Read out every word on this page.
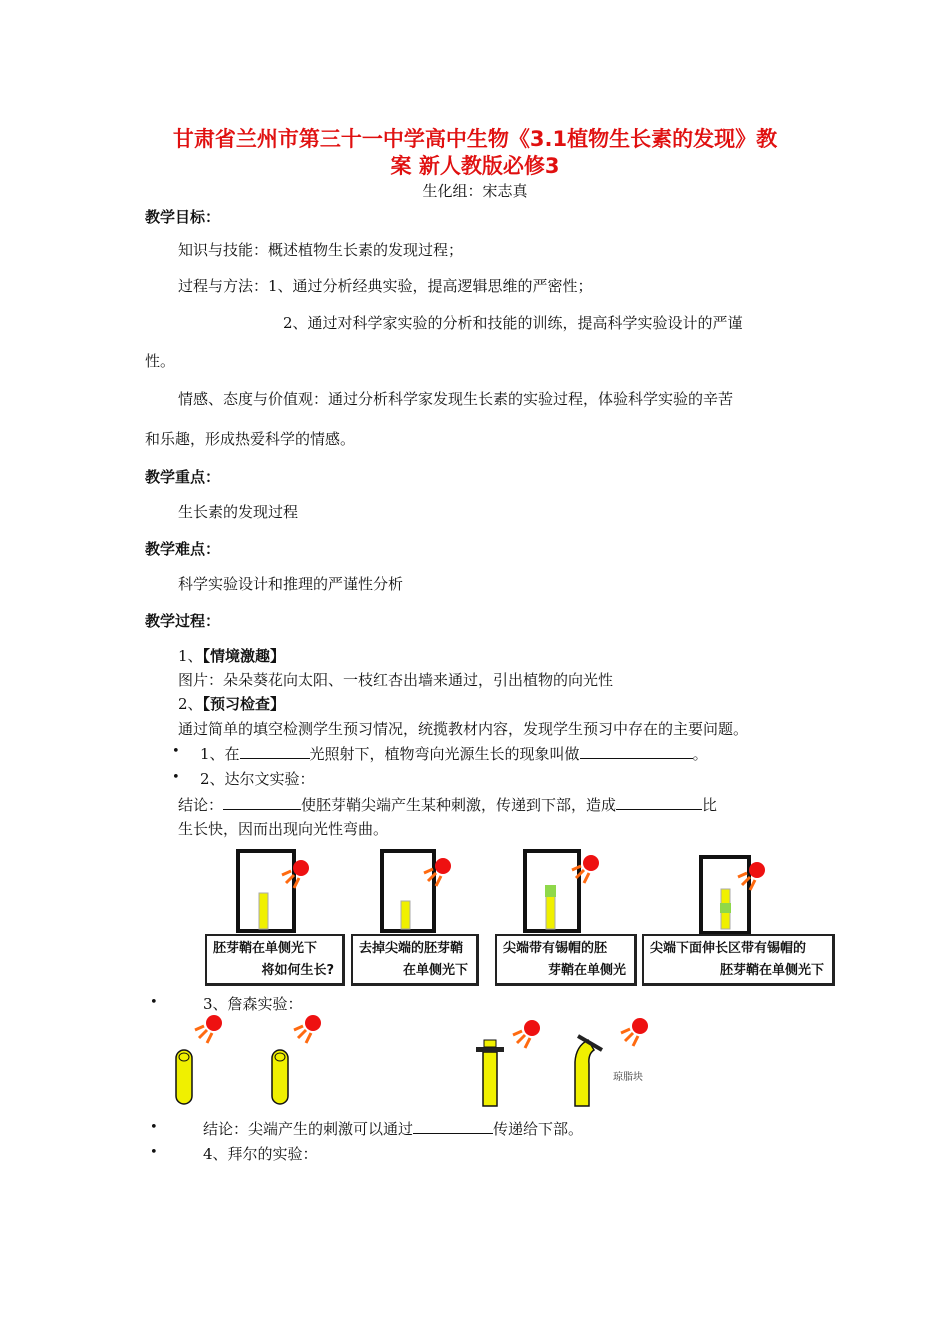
甘肃省兰州市第三十一中学高中生物《3.1植物生长素的发现》教
案 新人教版必修3
生化组：宋志真
教学目标：
知识与技能：概述植物生长素的发现过程；
过程与方法：1、通过分析经典实验，提高逻辑思维的严密性；
2、通过对科学家实验的分析和技能的训练，提高科学实验设计的严谨
性。
情感、态度与价值观：通过分析科学家发现生长素的实验过程，体验科学实验的辛苦
和乐趣，形成热爱科学的情感。
教学重点：
生长素的发现过程
教学难点：
科学实验设计和推理的严谨性分析
教学过程：
1、【情境激趣】
图片：朵朵葵花向太阳、一枝红杏出墙来通过，引出植物的向光性
2、【预习检查】
通过简单的填空检测学生预习情况，统揽教材内容，发现学生预习中存在的主要问题。
• 1、在	光照射下，植物弯向光源生长的现象叫做	。
• 2、达尔文实验：
结论：	使胚芽鞘尖端产生某种刺激，传递到下部，造成	比
生长快，因而出现向光性弯曲。
胚芽鞘在单侧光下
将如何生长?
去掉尖端的胚芽鞘
在单侧光下
尖端带有锡帽的胚
芽鞘在单侧光
尖端下面伸长区带有锡帽的
胚芽鞘在单侧光下
•	3、詹森实验：
琼脂块
•	结论：尖端产生的刺激可以通过	传递给下部。
•	4、拜尔的实验：
